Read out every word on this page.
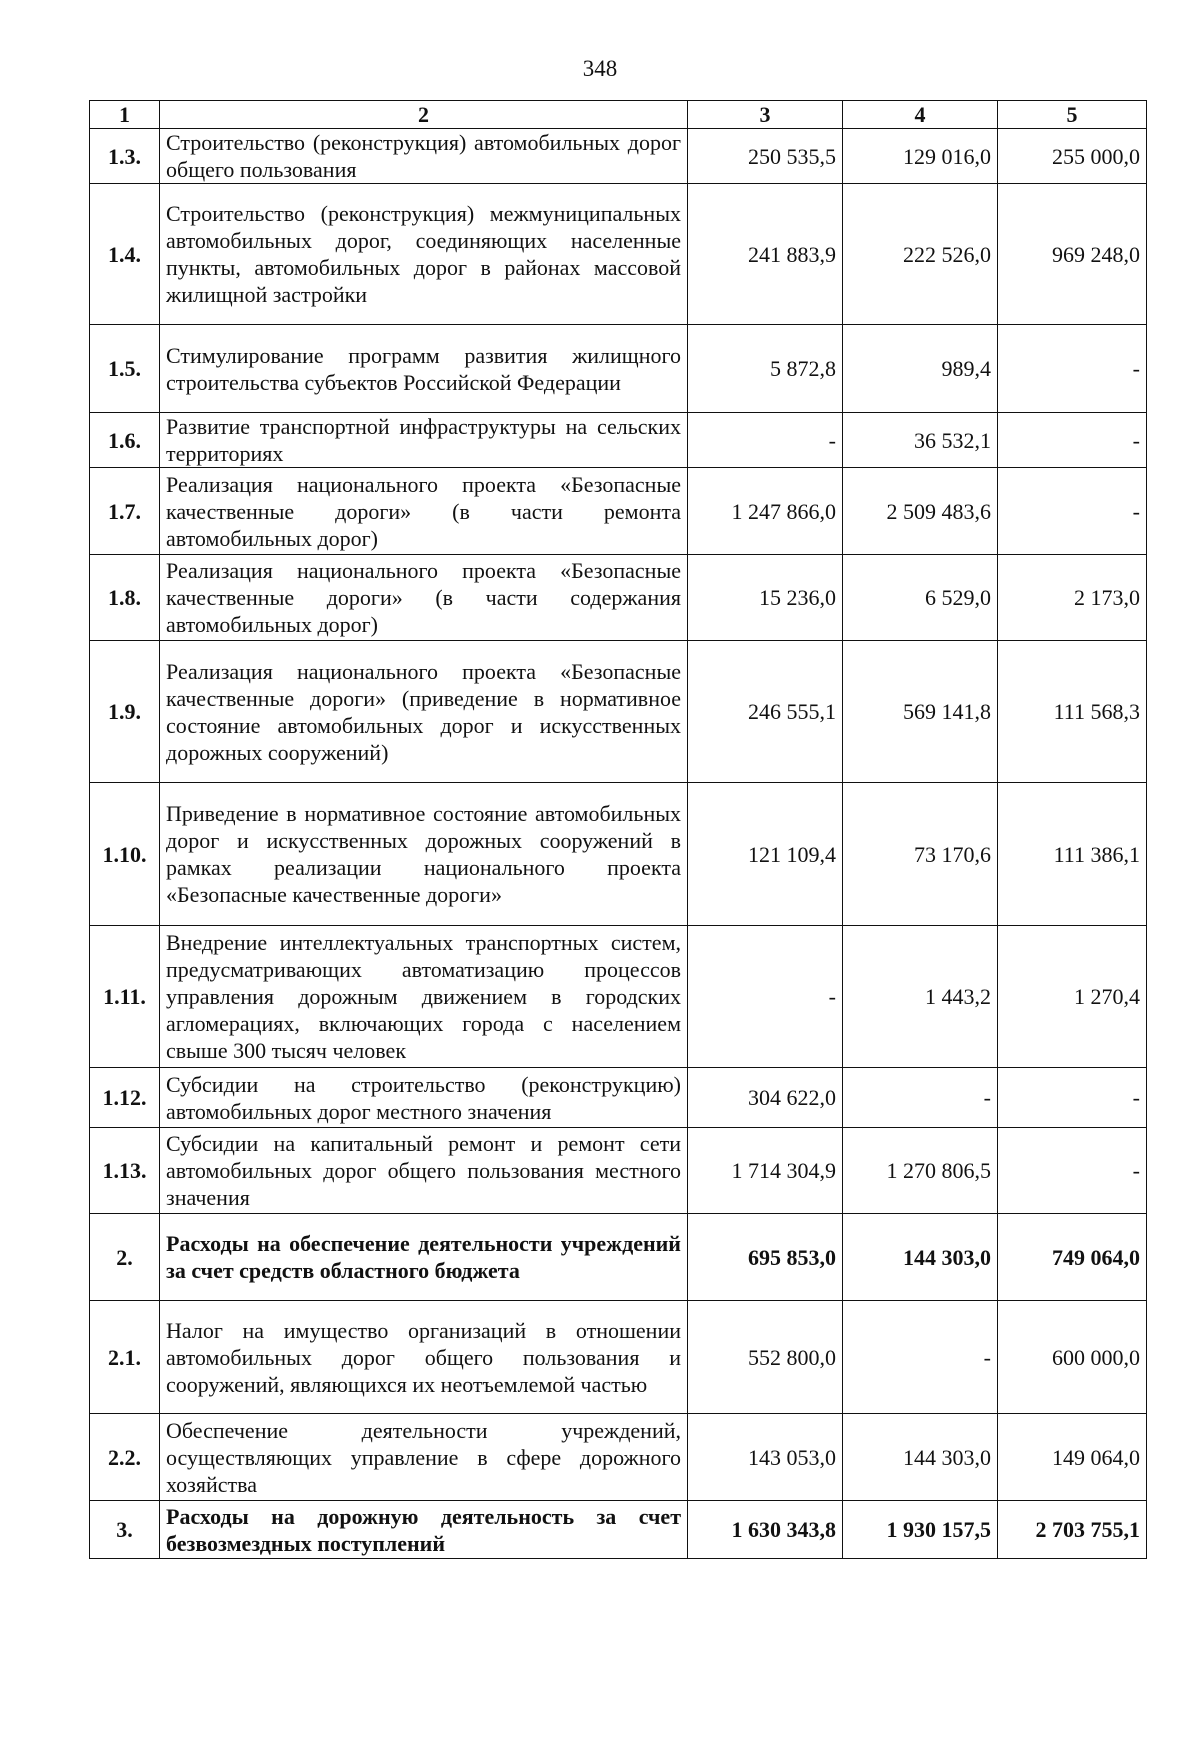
348
1	2	3	4	5
1.3.	Строительство (реконструкция) автомобильных дорог общего пользования	250 535,5	129 016,0	255 000,0
1.4.	Строительство (реконструкция) межмуниципальных автомобильных дорог, соединяющих населенные пункты, автомобильных дорог в районах массовой жилищной застройки	241 883,9	222 526,0	969 248,0
1.5.	Стимулирование программ развития жилищного строительства субъектов Российской Федерации	5 872,8	989,4	-
1.6.	Развитие транспортной инфраструктуры на сельских территориях	-	36 532,1	-
1.7.	Реализация национального проекта «Безопасные качественные дороги» (в части ремонта автомобильных дорог)	1 247 866,0	2 509 483,6	-
1.8.	Реализация национального проекта «Безопасные качественные дороги» (в части содержания автомобильных дорог)	15 236,0	6 529,0	2 173,0
1.9.	Реализация национального проекта «Безопасные качественные дороги» (приведение в нормативное состояние автомобильных дорог и искусственных дорожных сооружений)	246 555,1	569 141,8	111 568,3
1.10.	Приведение в нормативное состояние автомобильных дорог и искусственных дорожных сооружений в рамках реализации национального проекта «Безопасные качественные дороги»	121 109,4	73 170,6	111 386,1
1.11.	Внедрение интеллектуальных транспортных систем, предусматривающих автоматизацию процессов управления дорожным движением в городских агломерациях, включающих города с населением свыше 300 тысяч человек	-	1 443,2	1 270,4
1.12.	Субсидии на строительство (реконструкцию) автомобильных дорог местного значения	304 622,0	-	-
1.13.	Субсидии на капитальный ремонт и ремонт сети автомобильных дорог общего пользования местного значения	1 714 304,9	1 270 806,5	-
2.	Расходы на обеспечение деятельности учреждений за счет средств областного бюджета	695 853,0	144 303,0	749 064,0
2.1.	Налог на имущество организаций в отношении автомобильных дорог общего пользования и сооружений, являющихся их неотъемлемой частью	552 800,0	-	600 000,0
2.2.	Обеспечение деятельности учреждений, осуществляющих управление в сфере дорожного хозяйства	143 053,0	144 303,0	149 064,0
3.	Расходы на дорожную деятельность за счет безвозмездных поступлений	1 630 343,8	1 930 157,5	2 703 755,1
